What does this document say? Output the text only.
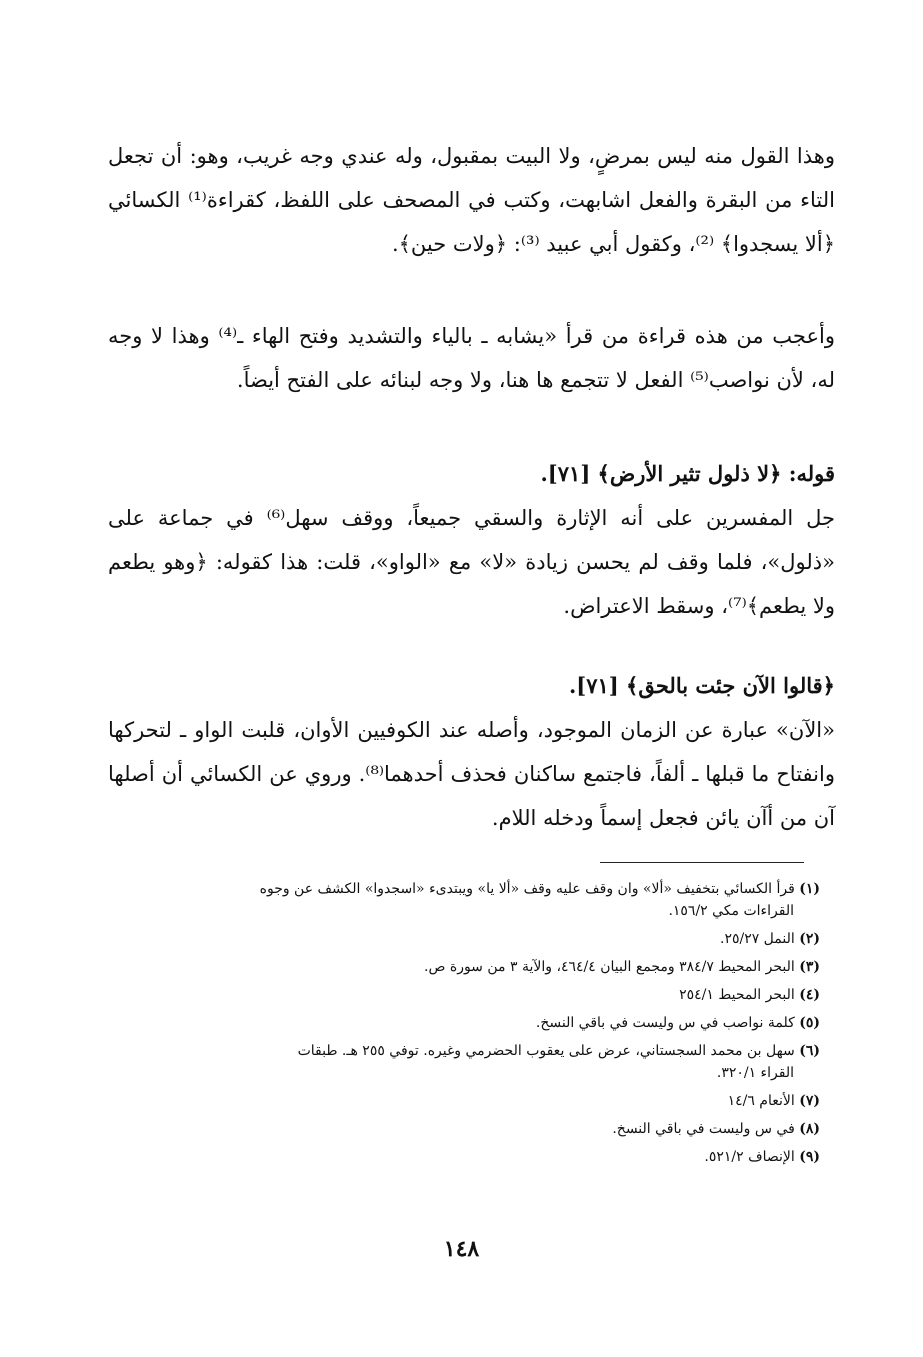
وهذا القول منه ليس بمرضٍ، ولا البيت بمقبول، وله عندي وجه غريب، وهو: أن تجعل التاء من البقرة والفعل اشابهت، وكتب في المصحف على اللفظ، كقراءة⁽¹⁾ الكسائي ﴿ألا يسجدوا﴾ ⁽²⁾، وكقول أبي عبيد ⁽³⁾: ﴿ولات حين﴾.

وأعجب من هذه قراءة من قرأ «يشابه ـ بالياء والتشديد وفتح الهاء ـ⁽⁴⁾ وهذا لا وجه له، لأن نواصب⁽⁵⁾ الفعل لا تتجمع ها هنا، ولا وجه لبنائه على الفتح أيضاً.

قوله: ﴿لا ذلول تثير الأرض﴾ [٧١].

جل المفسرين على أنه الإثارة والسقي جميعاً، ووقف سهل⁽⁶⁾ في جماعة على «ذلول»، فلما وقف لم يحسن زيادة «لا» مع «الواو»، قلت: هذا كقوله: ﴿وهو يطعم ولا يطعم﴾⁽⁷⁾، وسقط الاعتراض.

﴿قالوا الآن جئت بالحق﴾ [٧١].

«الآن» عبارة عن الزمان الموجود، وأصله عند الكوفيين الأوان، قلبت الواو ـ لتحركها وانفتاح ما قبلها ـ ألفاً، فاجتمع ساكنان فحذف أحدهما⁽⁸⁾. وروي عن الكسائي أن أصلها آن من أآن يائن فجعل إسماً ودخله اللام.

(١) قرأ الكسائي بتخفيف «ألا» وان وقف عليه وقف «ألا يا» ويبتدىء «اسجدوا» الكشف عن وجوه
القراءات مكي ١٥٦/٢.

(٢) النمل ٢٥/٢٧.

(٣) البحر المحيط ٣٨٤/٧ ومجمع البيان ٤٦٤/٤، والآية ٣ من سورة ص.

(٤) البحر المحيط ٢٥٤/١

(٥) كلمة نواصب في س وليست في باقي النسخ.

(٦) سهل بن محمد السجستاني، عرض على يعقوب الحضرمي وغيره. توفي ٢٥٥ هـ. طبقات
القراء ٣٢٠/١.

(٧) الأنعام ١٤/٦

(٨) في س وليست في باقي النسخ.

(٩) الإنصاف ٥٢١/٢.

١٤٨
